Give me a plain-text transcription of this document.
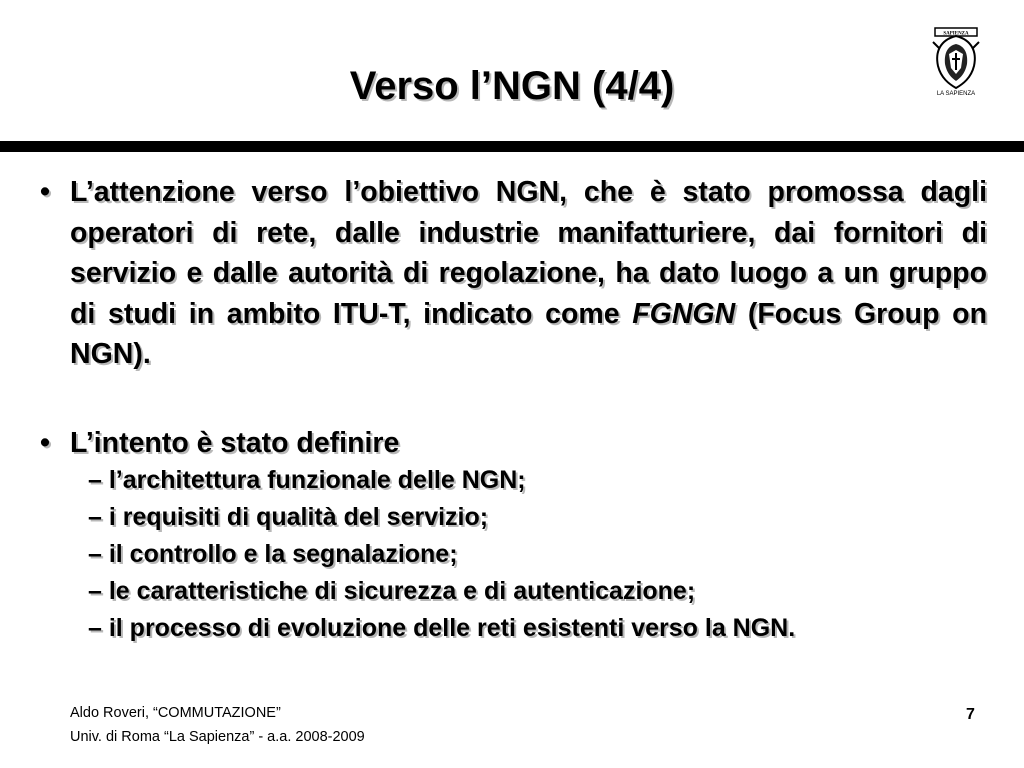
Verso l’NGN (4/4)
SAPIENZA
LA SAPIENZA
• L’attenzione verso l’obiettivo NGN, che è stato promossa dagli operatori di rete, dalle industrie manifatturiere, dai fornitori di servizio e dalle autorità di regolazione, ha dato luogo a un gruppo di studi in ambito ITU-T, indicato come FGNGN (Focus Group on NGN).
• L’intento è stato definire
– l’architettura funzionale delle NGN;
– i requisiti di qualità del servizio;
– il controllo e la segnalazione;
– le caratteristiche di sicurezza e di autenticazione;
– il processo di evoluzione delle reti esistenti verso la NGN.
Aldo Roveri, “COMMUTAZIONE”
Univ. di Roma “La Sapienza” - a.a. 2008-2009
7
